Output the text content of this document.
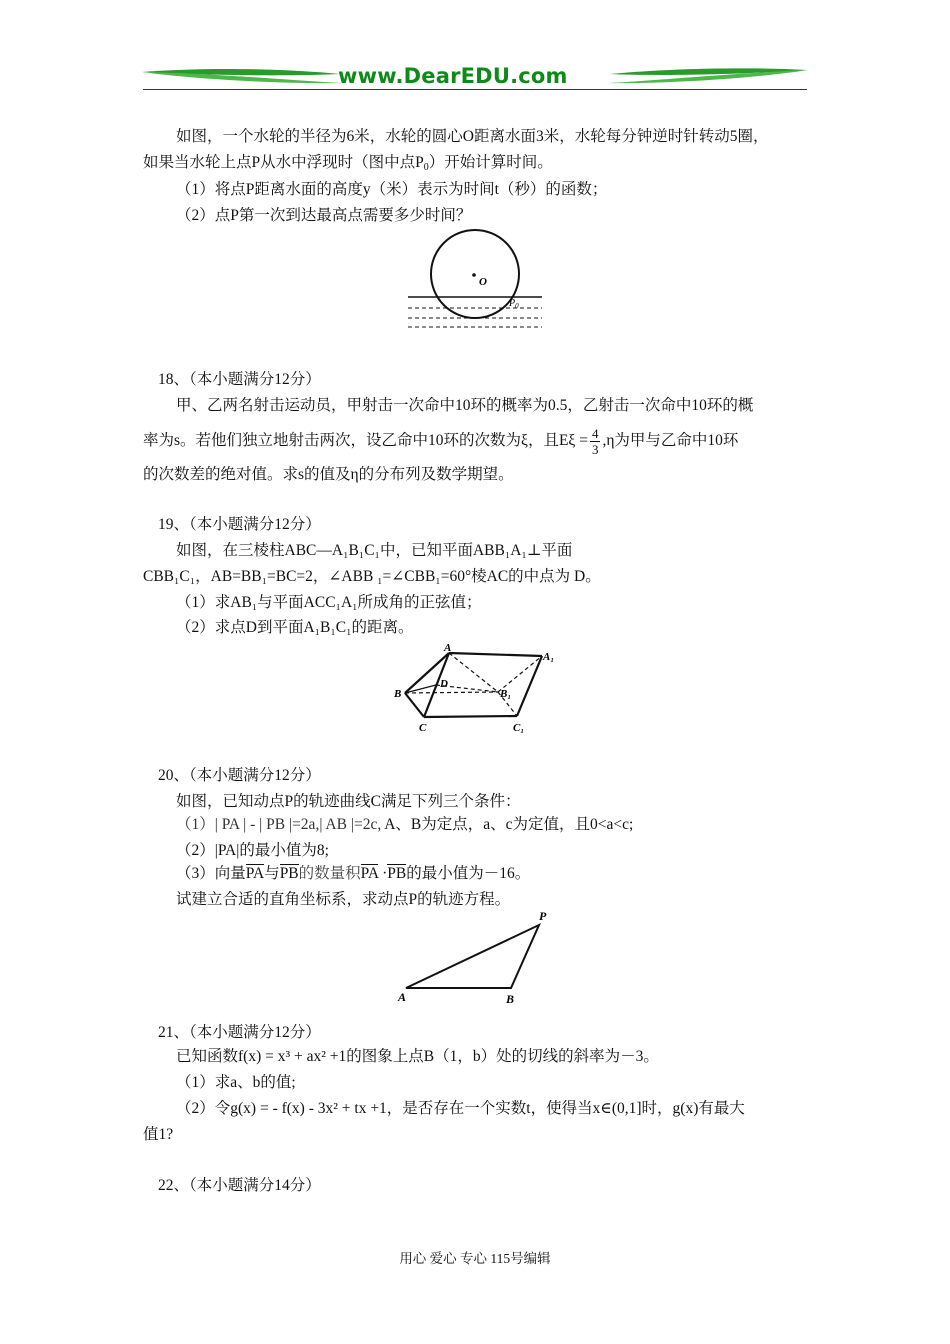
www.DearEDU.com
如图，一个水轮的半径为6米，水轮的圆心O距离水面3米，水轮每分钟逆时针转动5圈，
如果当水轮上点P从水中浮现时（图中点$P_0$）开始计算时间。
（1）将点P距离水面的高度y（米）表示为时间t（秒）的函数；
（2）点P第一次到达最高点需要多少时间？
O
$P_0$
18、（本小题满分12分）
甲、乙两名射击运动员，甲射击一次命中10环的概率为0.5，乙射击一次命中10环的概
率为s。若他们独立地射击两次，设乙命中10环的次数为ξ，且$E\xi = \frac{4}{3} ,\eta$为甲与乙命中10环
的次数差的绝对值。求s的值及η的分布列及数学期望。
19、（本小题满分12分）
如图，在三棱柱ABC—A₁B₁C₁中，已知平面ABB₁A₁⊥平面
CBB₁C₁，AB=BB₁=BC=2，∠ABB ₁=∠CBB₁=60°棱AC的中点为 D。
（1）求AB₁与平面ACC₁A₁所成角的正弦值；
（2）求点D到平面A₁B₁C₁的距离。
A
A₁
B	B₁
C	C₁
D
20、（本小题满分12分）
如图，已知动点P的轨迹曲线C满足下列三个条件：
（1）| PA | - | PB |=2a,| AB |=2c, A、B为定点，a、c为定值，且0<a<c;
（2）|PA|的最小值为8;
（3）向量PA与PB的数量积PA ·PB的最小值为－16。
试建立合适的直角坐标系，求动点P的轨迹方程。
A	B
P
21、（本小题满分12分）
已知函数f(x) = x³ + ax² +1的图象上点B（1，b）处的切线的斜率为－3。
（1）求a、b的值;
（2）令g(x) = - f(x) - 3x² + tx +1，是否存在一个实数t，使得当x∈(0,1]时，g(x)有最大
值1?
22、（本小题满分14分）
用心 爱心 专心 115号编辑
